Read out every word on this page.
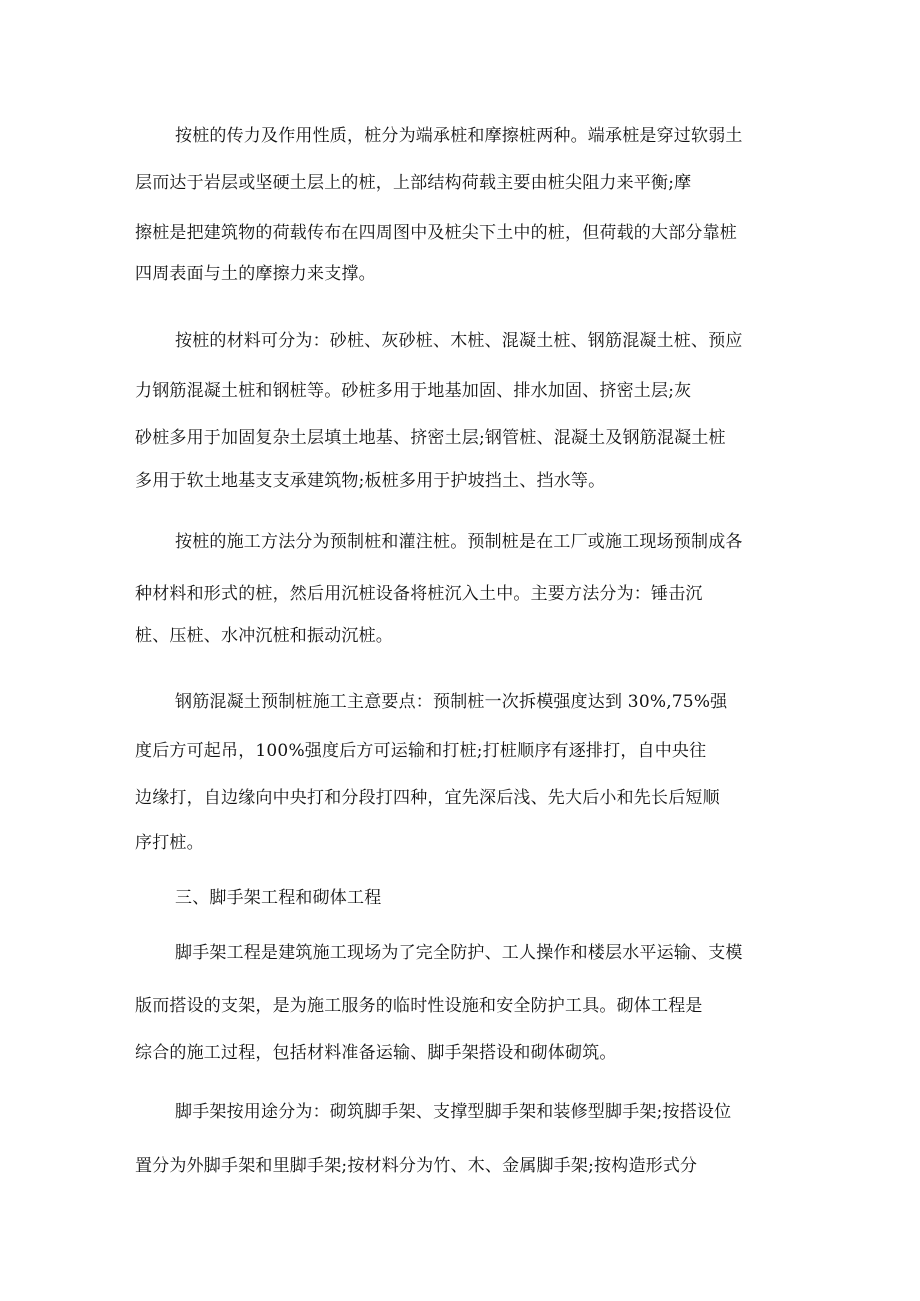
按桩的传力及作用性质，桩分为端承桩和摩擦桩两种。端承桩是穿过软弱土

层而达于岩层或坚硬土层上的桩，上部结构荷载主要由桩尖阻力来平衡;摩

擦桩是把建筑物的荷载传布在四周图中及桩尖下土中的桩，但荷载的大部分靠桩

四周表面与土的摩擦力来支撑。

按桩的材料可分为：砂桩、灰砂桩、木桩、混凝土桩、钢筋混凝土桩、预应

力钢筋混凝土桩和钢桩等。砂桩多用于地基加固、排水加固、挤密土层;灰

砂桩多用于加固复杂土层填土地基、挤密土层;钢管桩、混凝土及钢筋混凝土桩

多用于软土地基支支承建筑物;板桩多用于护坡挡土、挡水等。

按桩的施工方法分为预制桩和灌注桩。预制桩是在工厂或施工现场预制成各

种材料和形式的桩，然后用沉桩设备将桩沉入土中。主要方法分为：锤击沉

桩、压桩、水冲沉桩和振动沉桩。

钢筋混凝土预制桩施工主意要点：预制桩一次拆模强度达到 30%,75%强

度后方可起吊，100%强度后方可运输和打桩;打桩顺序有逐排打，自中央往

边缘打，自边缘向中央打和分段打四种，宜先深后浅、先大后小和先长后短顺

序打桩。

三、脚手架工程和砌体工程

脚手架工程是建筑施工现场为了完全防护、工人操作和楼层水平运输、支模

版而搭设的支架，是为施工服务的临时性设施和安全防护工具。砌体工程是

综合的施工过程，包括材料准备运输、脚手架搭设和砌体砌筑。

脚手架按用途分为：砌筑脚手架、支撑型脚手架和装修型脚手架;按搭设位

置分为外脚手架和里脚手架;按材料分为竹、木、金属脚手架;按构造形式分
